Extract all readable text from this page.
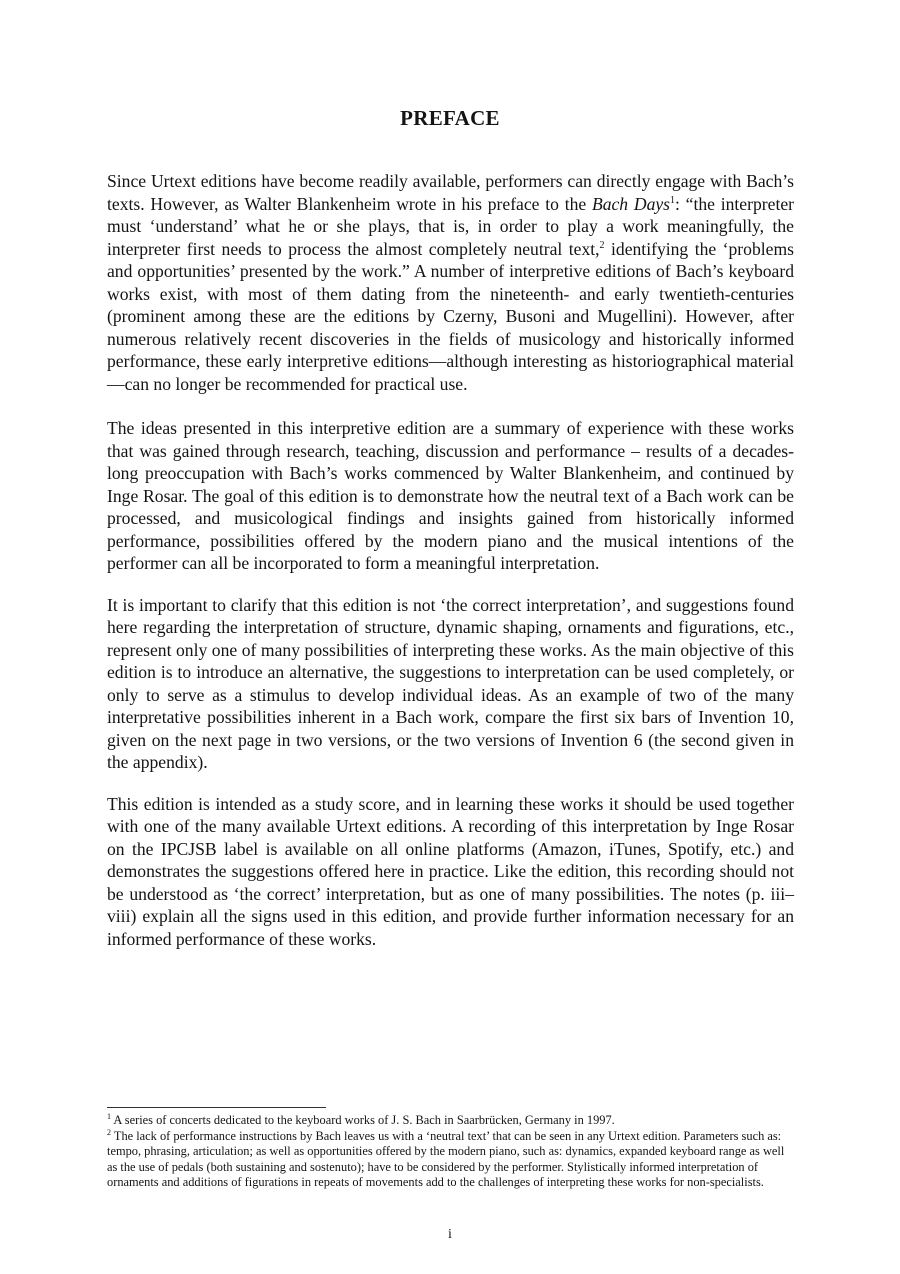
PREFACE

Since Urtext editions have become readily available, performers can directly engage with Bach’s texts. However, as Walter Blankenheim wrote in his preface to the Bach Days$^1$: “the interpreter must ‘understand’ what he or she plays, that is, in order to play a work meaningfully, the interpreter first needs to process the almost completely neutral text,$^2$ identifying the ‘problems and opportunities’ presented by the work.” A number of interpretive editions of Bach’s keyboard works exist, with most of them dating from the nineteenth- and early twentieth-centuries (prominent among these are the editions by Czerny, Busoni and Mugellini). However, after numerous relatively recent discoveries in the fields of musicology and historically informed performance, these early interpretive editions—although interesting as historiographical material—can no longer be recommended for practical use.

The ideas presented in this interpretive edition are a summary of experience with these works that was gained through research, teaching, discussion and performance – results of a decades-long preoccupation with Bach’s works commenced by Walter Blankenheim, and continued by Inge Rosar. The goal of this edition is to demonstrate how the neutral text of a Bach work can be processed, and musicological findings and insights gained from historically informed performance, possibilities offered by the modern piano and the musical intentions of the performer can all be incorporated to form a meaningful interpretation.

It is important to clarify that this edition is not ‘the correct interpretation’, and suggestions found here regarding the interpretation of structure, dynamic shaping, ornaments and figurations, etc., represent only one of many possibilities of interpreting these works. As the main objective of this edition is to introduce an alternative, the suggestions to interpretation can be used completely, or only to serve as a stimulus to develop individual ideas. As an example of two of the many interpretative possibilities inherent in a Bach work, compare the first six bars of Invention 10, given on the next page in two versions, or the two versions of Invention 6 (the second given in the appendix).

This edition is intended as a study score, and in learning these works it should be used together with one of the many available Urtext editions. A recording of this interpretation by Inge Rosar on the IPCJSB label is available on all online platforms (Amazon, iTunes, Spotify, etc.) and demonstrates the suggestions offered here in practice. Like the edition, this recording should not be understood as ‘the correct’ interpretation, but as one of many possibilities. The notes (p. iii–viii) explain all the signs used in this edition, and provide further information necessary for an informed performance of these works.

$^1$ A series of concerts dedicated to the keyboard works of J. S. Bach in Saarbrücken, Germany in 1997.

$^2$ The lack of performance instructions by Bach leaves us with a ‘neutral text’ that can be seen in any Urtext edition. Parameters such as: tempo, phrasing, articulation; as well as opportunities offered by the modern piano, such as: dynamics, expanded keyboard range as well as the use of pedals (both sustaining and sostenuto); have to be considered by the performer. Stylistically informed interpretation of ornaments and additions of figurations in repeats of movements add to the challenges of interpreting these works for non-specialists.

i
